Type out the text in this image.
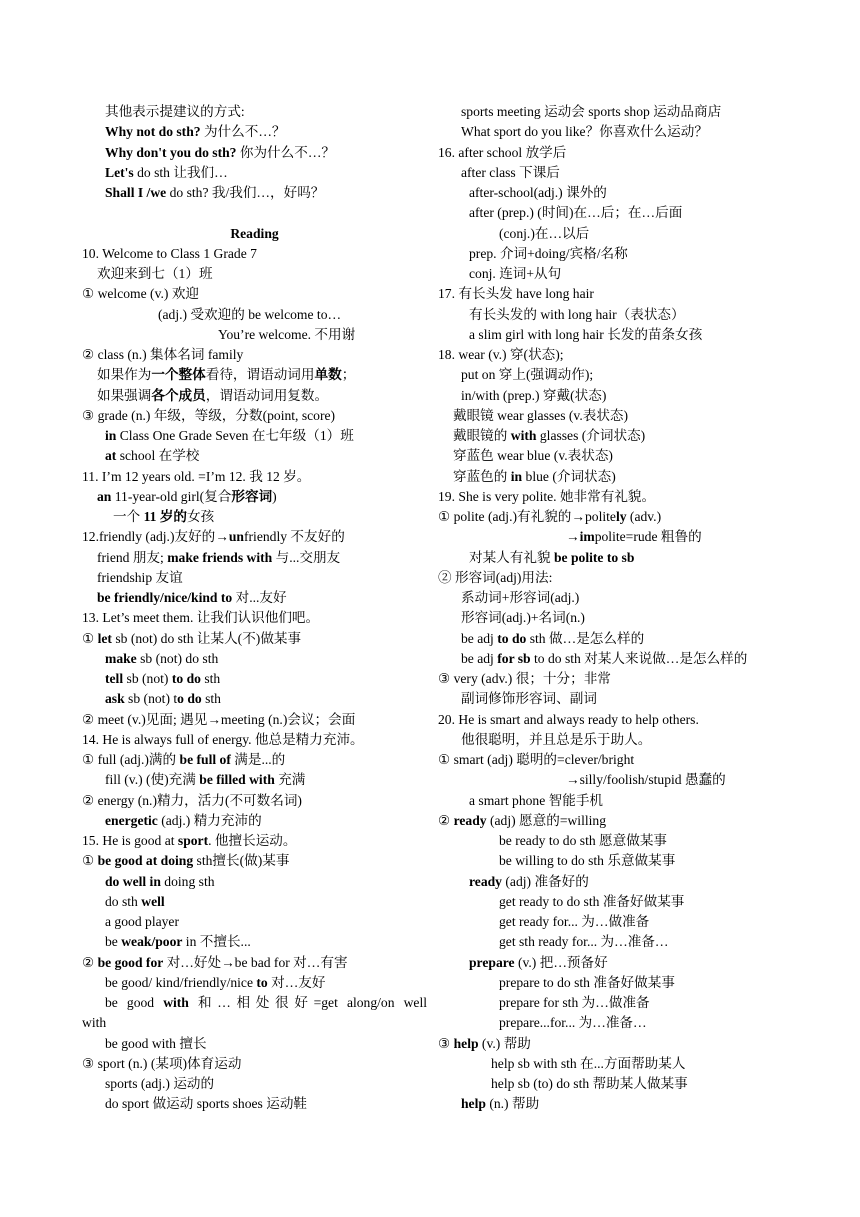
其他表示提建议的方式:
Why not do sth? 为什么不…？
Why don't you do sth? 你为什么不…？
Let's do sth 让我们…
Shall I /we do sth? 我/我们…，好吗？

Reading
10. Welcome to Class 1 Grade 7
欢迎来到七（1）班
① welcome (v.) 欢迎
(adj.) 受欢迎的 be welcome to…
You’re welcome. 不用谢
② class (n.) 集体名词 family
如果作为一个整体看待，谓语动词用单数；
如果强调各个成员，谓语动词用复数。
③ grade (n.) 年级，等级，分数(point, score)
in Class One Grade Seven 在七年级（1）班
at school 在学校
11. I’m 12 years old. =I’m 12. 我 12 岁。
an 11-year-old girl(复合形容词)
一个 11 岁的女孩
12.friendly (adj.)友好的→unfriendly 不友好的
friend 朋友; make friends with 与...交朋友
friendship 友谊
be friendly/nice/kind to 对...友好
13. Let’s meet them. 让我们认识他们吧。
① let sb (not) do sth 让某人(不)做某事
make sb (not) do sth
tell sb (not) to do sth
ask sb (not) to do sth
② meet (v.)见面; 遇见→meeting (n.)会议；会面
14. He is always full of energy. 他总是精力充沛。
① full (adj.)满的 be full of 满是...的
fill (v.) (使)充满 be filled with 充满
② energy (n.)精力，活力(不可数名词)
energetic (adj.) 精力充沛的
15. He is good at sport. 他擅长运动。
① be good at doing sth擅长(做)某事
do well in doing sth
do sth well
a good player
be weak/poor in 不擅长...
② be good for 对…好处→be bad for 对…有害
be good/ kind/friendly/nice to 对…友好
be good with 和…相处很好=get along/on well
with
be good with 擅长
③ sport (n.) (某项)体育运动
sports (adj.) 运动的
do sport 做运动 sports shoes 运动鞋
sports meeting 运动会 sports shop 运动品商店
What sport do you like？你喜欢什么运动？
16. after school 放学后
after class 下课后
after-school(adj.) 课外的
after (prep.) (时间)在…后；在…后面
(conj.)在…以后
prep. 介词+doing/宾格/名称
conj. 连词+从句
17. 有长头发 have long hair
有长头发的 with long hair（表状态）
a slim girl with long hair 长发的苗条女孩
18. wear (v.) 穿(状态);
put on 穿上(强调动作);
in/with (prep.) 穿戴(状态)
戴眼镜 wear glasses (v.表状态)
戴眼镜的 with glasses (介词状态)
穿蓝色 wear blue (v.表状态)
穿蓝色的 in blue (介词状态)
19. She is very polite. 她非常有礼貌。
① polite (adj.)有礼貌的→politely (adv.)
→impolite=rude 粗鲁的
对某人有礼貌 be polite to sb
② 形容词(adj)用法:
系动词+形容词(adj.)
形容词(adj.)+名词(n.)
be adj to do sth 做…是怎么样的
be adj for sb to do sth 对某人来说做…是怎么样的
③ very (adv.) 很；十分；非常
副词修饰形容词、副词
20. He is smart and always ready to help others.
他很聪明，并且总是乐于助人。
① smart (adj) 聪明的=clever/bright
→silly/foolish/stupid 愚蠢的
a smart phone 智能手机
② ready (adj) 愿意的=willing
be ready to do sth 愿意做某事
be willing to do sth 乐意做某事
ready (adj) 准备好的
get ready to do sth 准备好做某事
get ready for... 为…做准备
get sth ready for... 为…准备…
prepare (v.) 把…预备好
prepare to do sth 准备好做某事
prepare for sth 为…做准备
prepare...for... 为…准备…
③ help (v.) 帮助
help sb with sth 在...方面帮助某人
help sb (to) do sth 帮助某人做某事
help (n.) 帮助
